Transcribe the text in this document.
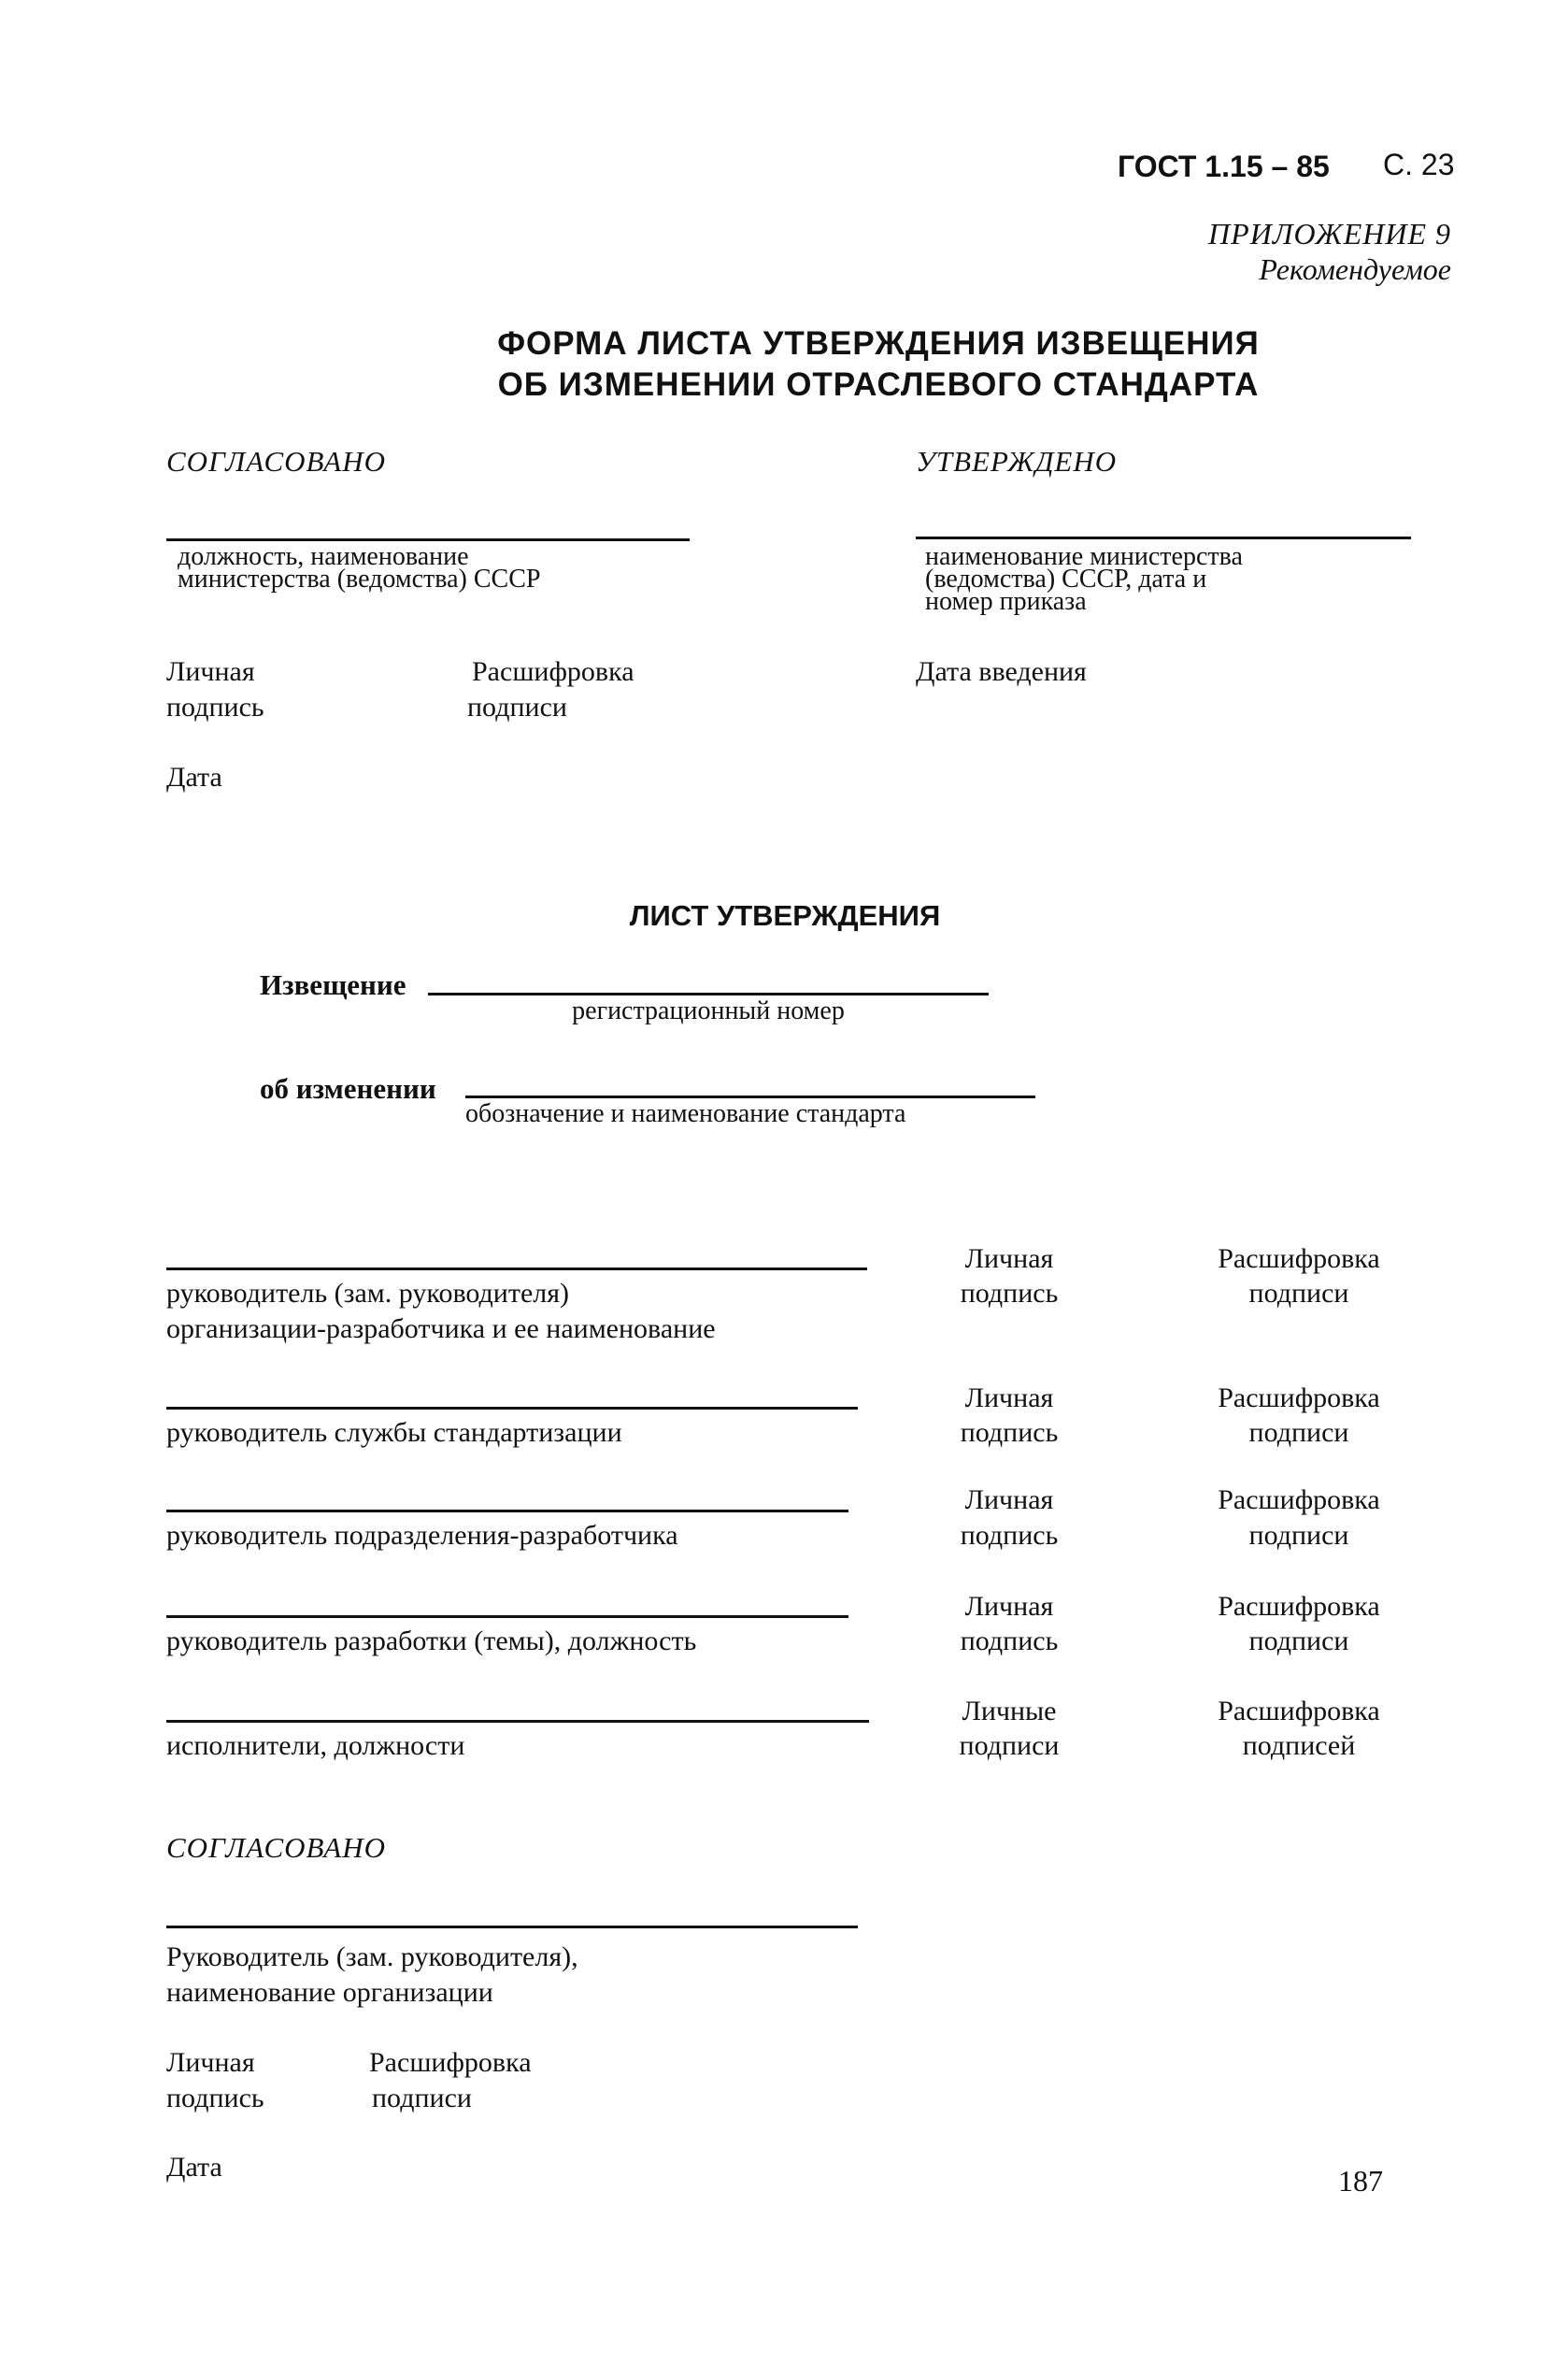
ГОСТ 1.15 – 85 С. 23
ПРИЛОЖЕНИЕ 9
Рекомендуемое
ФОРМА ЛИСТА УТВЕРЖДЕНИЯ ИЗВЕЩЕНИЯ
ОБ ИЗМЕНЕНИИ ОТРАСЛЕВОГО СТАНДАРТА
СОГЛАСОВАНО
должность, наименование
министерства (ведомства) СССР
Личная
подпись
Расшифровка
подписи
Дата
УТВЕРЖДЕНО
наименование министерства
(ведомства) СССР, дата и
номер приказа
Дата введения
ЛИСТ УТВЕРЖДЕНИЯ
Извещение
регистрационный номер
об изменении
обозначение и наименование стандарта
руководитель (зам. руководителя)
организации-разработчика и ее наименование
Личная
подпись
Расшифровка
подписи
руководитель службы стандартизации
Личная
подпись
Расшифровка
подписи
руководитель подразделения-разработчика
Личная
подпись
Расшифровка
подписи
руководитель разработки (темы), должность
Личная
подпись
Расшифровка
подписи
исполнители, должности
Личные
подписи
Расшифровка
подписей
СОГЛАСОВАНО
Руководитель (зам. руководителя),
наименование организации
Личная
подпись
Расшифровка
подписи
Дата	187
